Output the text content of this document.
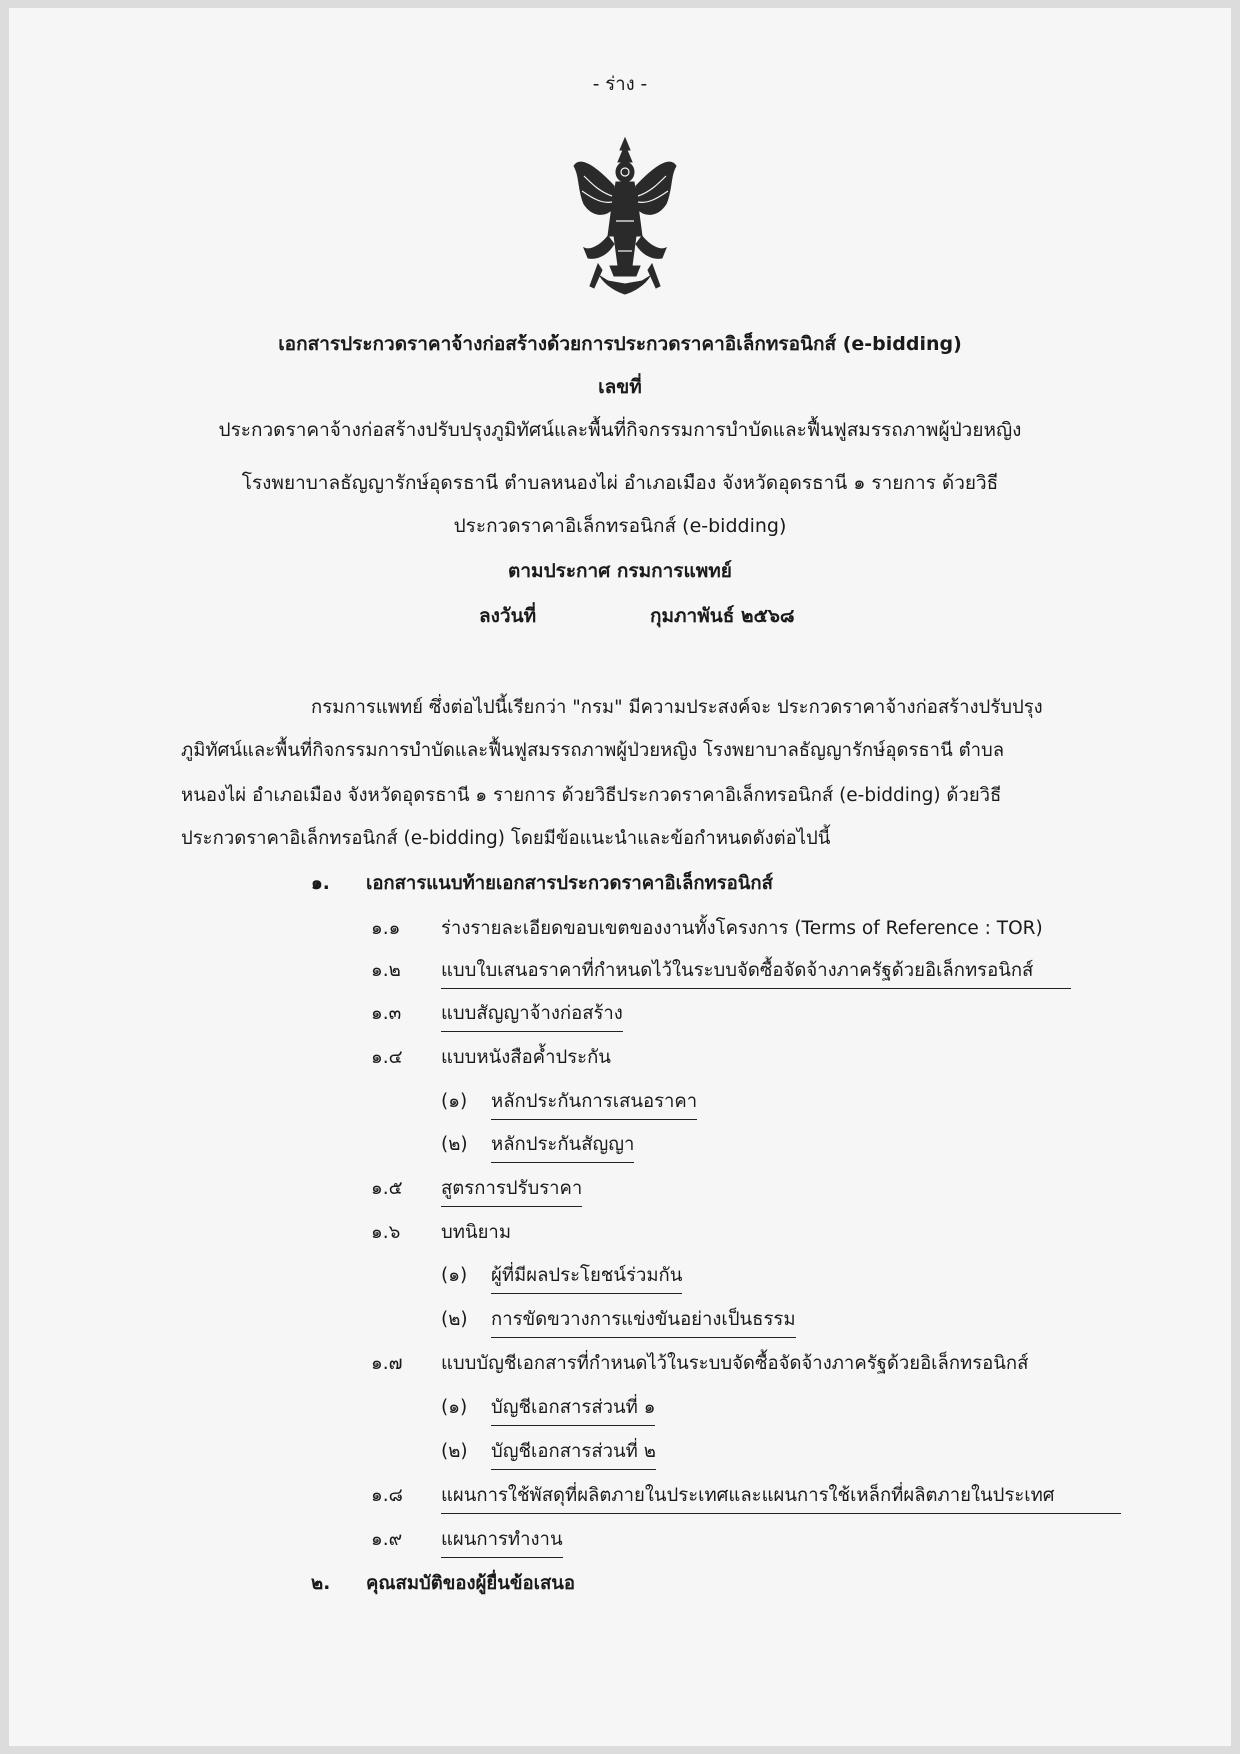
- ร่าง -
เอกสารประกวดราคาจ้างก่อสร้างด้วยการประกวดราคาอิเล็กทรอนิกส์ (e-bidding)
เลขที่
ประกวดราคาจ้างก่อสร้างปรับปรุงภูมิทัศน์และพื้นที่กิจกรรมการบำบัดและฟื้นฟูสมรรถภาพผู้ป่วยหญิง
โรงพยาบาลธัญญารักษ์อุดรธานี ตำบลหนองไผ่ อำเภอเมือง จังหวัดอุดรธานี ๑ รายการ ด้วยวิธี
ประกวดราคาอิเล็กทรอนิกส์ (e-bidding)
ตามประกาศ กรมการแพทย์
ลงวันที่	กุมภาพันธ์ ๒๕๖๘
กรมการแพทย์ ซึ่งต่อไปนี้เรียกว่า "กรม" มีความประสงค์จะ ประกวดราคาจ้างก่อสร้างปรับปรุง
ภูมิทัศน์และพื้นที่กิจกรรมการบำบัดและฟื้นฟูสมรรถภาพผู้ป่วยหญิง โรงพยาบาลธัญญารักษ์อุดรธานี ตำบล
หนองไผ่ อำเภอเมือง จังหวัดอุดรธานี ๑ รายการ ด้วยวิธีประกวดราคาอิเล็กทรอนิกส์ (e-bidding) ด้วยวิธี
ประกวดราคาอิเล็กทรอนิกส์ (e-bidding) โดยมีข้อแนะนำและข้อกำหนดดังต่อไปนี้
๑. เอกสารแนบท้ายเอกสารประกวดราคาอิเล็กทรอนิกส์
๑.๑ ร่างรายละเอียดขอบเขตของงานทั้งโครงการ (Terms of Reference : TOR)
๑.๒ แบบใบเสนอราคาที่กำหนดไว้ในระบบจัดซื้อจัดจ้างภาครัฐด้วยอิเล็กทรอนิกส์
๑.๓ แบบสัญญาจ้างก่อสร้าง
๑.๔ แบบหนังสือค้ำประกัน
(๑) หลักประกันการเสนอราคา
(๒) หลักประกันสัญญา
๑.๕ สูตรการปรับราคา
๑.๖ บทนิยาม
(๑) ผู้ที่มีผลประโยชน์ร่วมกัน
(๒) การขัดขวางการแข่งขันอย่างเป็นธรรม
๑.๗ แบบบัญชีเอกสารที่กำหนดไว้ในระบบจัดซื้อจัดจ้างภาครัฐด้วยอิเล็กทรอนิกส์
(๑) บัญชีเอกสารส่วนที่ ๑
(๒) บัญชีเอกสารส่วนที่ ๒
๑.๘ แผนการใช้พัสดุที่ผลิตภายในประเทศและแผนการใช้เหล็กที่ผลิตภายในประเทศ
๑.๙ แผนการทำงาน
๒. คุณสมบัติของผู้ยื่นข้อเสนอ
